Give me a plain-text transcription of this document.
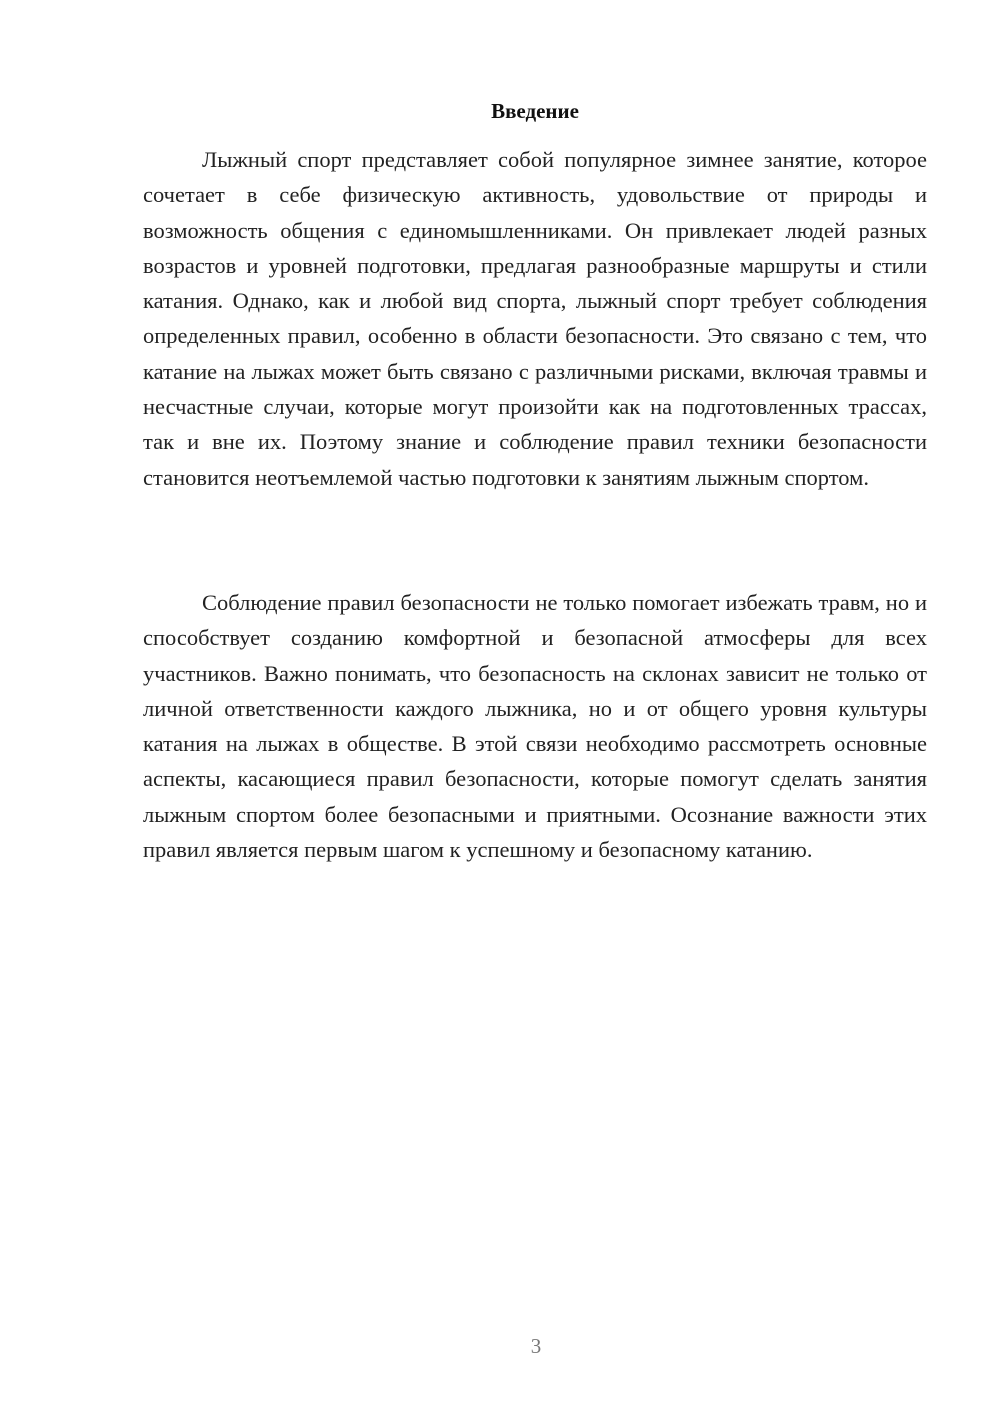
Введение

Лыжный спорт представляет собой популярное зимнее занятие, которое сочетает в себе физическую активность, удовольствие от природы и возможность общения с единомышленниками. Он привлекает людей разных возрастов и уровней подготовки, предлагая разнообразные маршруты и стили катания. Однако, как и любой вид спорта, лыжный спорт требует соблюдения определенных правил, особенно в области безопасности. Это связано с тем, что катание на лыжах может быть связано с различными рисками, включая травмы и несчастные случаи, которые могут произойти как на подготовленных трассах, так и вне их. Поэтому знание и соблюдение правил техники безопасности становится неотъемлемой частью подготовки к занятиям лыжным спортом.

Соблюдение правил безопасности не только помогает избежать травм, но и способствует созданию комфортной и безопасной атмосферы для всех участников. Важно понимать, что безопасность на склонах зависит не только от личной ответственности каждого лыжника, но и от общего уровня культуры катания на лыжах в обществе. В этой связи необходимо рассмотреть основные аспекты, касающиеся правил безопасности, которые помогут сделать занятия лыжным спортом более безопасными и приятными. Осознание важности этих правил является первым шагом к успешному и безопасному катанию.

3
